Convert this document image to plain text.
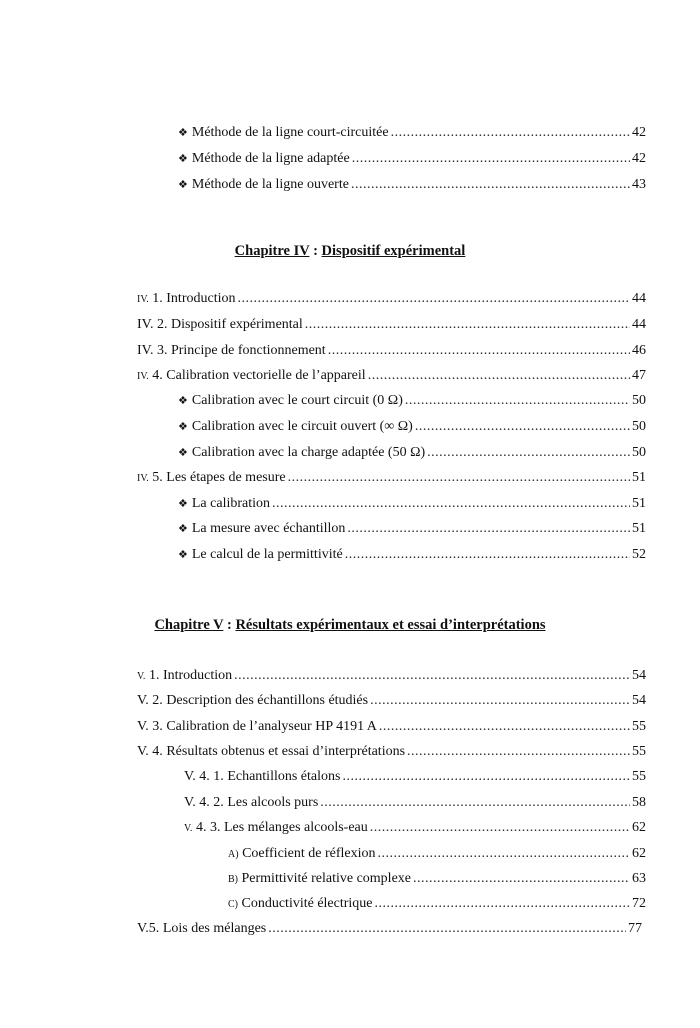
❖ Méthode de la ligne court-circuitée .....	42
❖ Méthode de la ligne adaptée .....	42
❖ Méthode de la ligne ouverte .....	43
Chapitre IV : Dispositif expérimental
IV. 1. Introduction .....	44
IV. 2. Dispositif expérimental .....	44
IV. 3. Principe de fonctionnement .....	46
IV. 4. Calibration vectorielle de l’appareil .....	47
❖ Calibration avec le court circuit (0 Ω) .....	50
❖ Calibration avec le circuit ouvert (∞ Ω) .....	50
❖ Calibration avec la charge adaptée (50 Ω) .....	50
IV. 5. Les étapes de mesure .....	51
❖ La calibration .....	51
❖ La mesure avec échantillon .....	51
❖ Le calcul de la permittivité .....	52
Chapitre V : Résultats expérimentaux et essai d’interprétations
V. 1. Introduction .....	54
V. 2. Description des échantillons étudiés .....	54
V. 3. Calibration de l’analyseur HP 4191 A .....	55
V. 4. Résultats obtenus et essai d’interprétations .....	55
V. 4. 1. Echantillons étalons .....	55
V. 4. 2. Les alcools purs .....	58
V. 4. 3. Les mélanges alcools-eau .....	62
A) Coefficient de réflexion .....	62
B) Permittivité relative complexe .....	63
C) Conductivité électrique .....	72
V.5. Lois des mélanges .....	77
